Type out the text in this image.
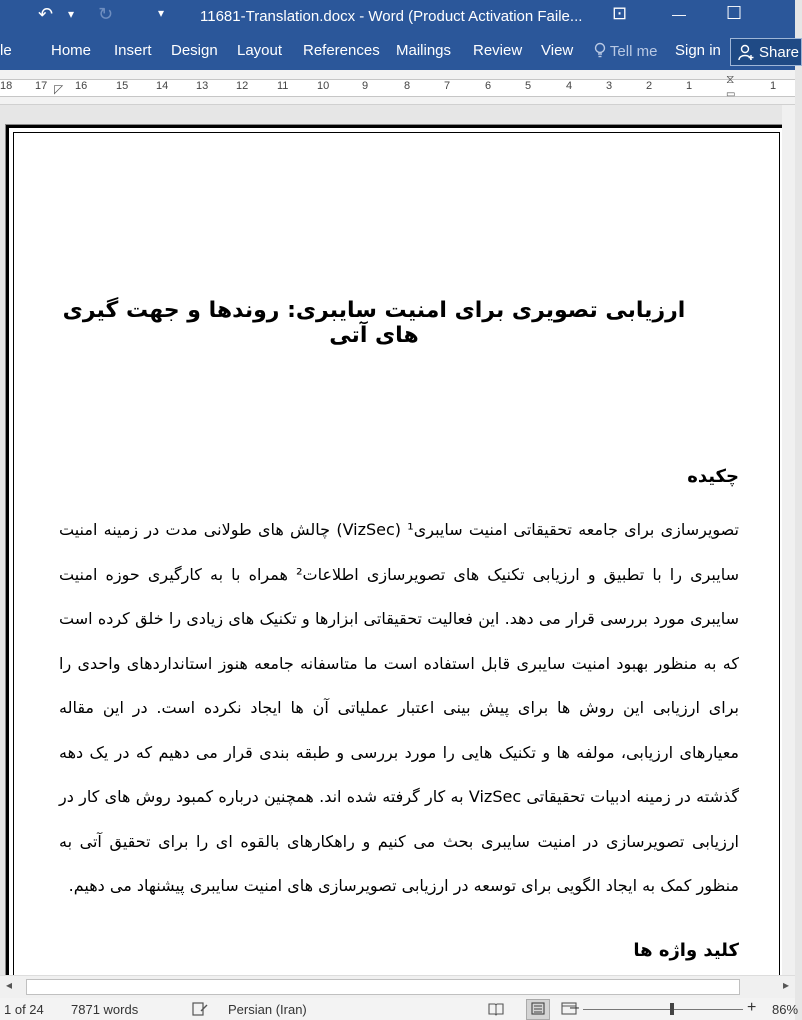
↶ ▾ ↻	▾ 11681-Translation.docx - Word (Product Activation Faile... ⊡	— ☐
le	Home Insert Design Layout References Mailings Review View	Tell me Sign in	Share
18 17 ◸ 16	15	14	13	12	11	10	9	8	7	6	5	4	3	2	1	⧖
▭
1
ارزیابی تصویری برای امنیت سایبری: روندها و جهت گیری های آتی
چکیده
تصویرسازی برای جامعه تحقیقاتی امنیت سایبری¹ (VizSec) چالش های طولانی مدت در زمینه امنیت سایبری را با تطبیق و ارزیابی تکنیک های تصویرسازی اطلاعات² همراه با به کارگیری حوزه امنیت سایبری مورد بررسی قرار می دهد. این فعالیت تحقیقاتی ابزارها و تکنیک های زیادی را خلق کرده است که به منظور بهبود امنیت سایبری قابل استفاده است ما متاسفانه جامعه هنوز استانداردهای واحدی را برای ارزیابی این روش ها برای پیش بینی اعتبار عملیاتی آن ها ایجاد نکرده است. در این مقاله معیارهای ارزیابی، مولفه ها و تکنیک هایی را مورد بررسی و طبقه بندی قرار می دهیم که در یک دهه گذشته در زمینه ادبیات تحقیقاتی VizSec به کار گرفته شده اند. همچنین درباره کمبود روش های کار در ارزیابی تصویرسازی در امنیت سایبری بحث می کنیم و راهکارهای بالقوه ای را برای تحقیق آتی به منظور کمک به ایجاد الگویی برای توسعه در ارزیابی تصویرسازی های امنیت سایبری پیشنهاد می دهیم.
کلید واژه ها
◂	▸
1 of 24 7871 words	Persian (Iran)	–	+ 86%
